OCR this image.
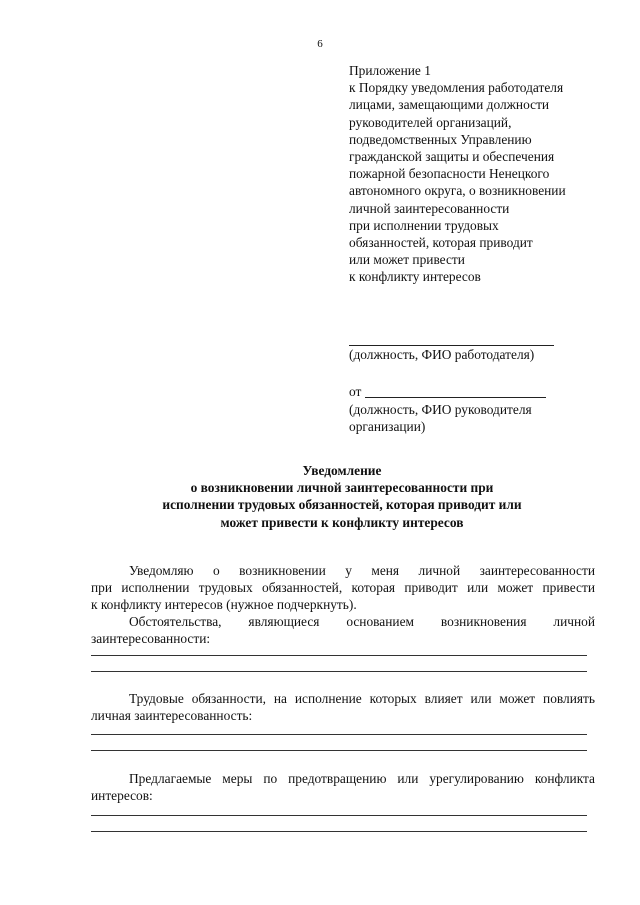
6
Приложение 1
к Порядку уведомления работодателя
лицами, замещающими должности
руководителей организаций,
подведомственных Управлению
гражданской защиты и обеспечения
пожарной безопасности Ненецкого
автономного округа, о возникновении
личной заинтересованности
при исполнении трудовых
обязанностей, которая приводит
или может привести
к конфликту интересов
(должность, ФИО работодателя)
от
(должность, ФИО руководителя
организации)
Уведомление
о возникновении личной заинтересованности при
исполнении трудовых обязанностей, которая приводит или
может привести к конфликту интересов
Уведомляю о возникновении у меня личной заинтересованности
при исполнении трудовых обязанностей, которая приводит или может привести
к конфликту интересов (нужное подчеркнуть).
Обстоятельства, являющиеся основанием возникновения личной
заинтересованности:
Трудовые обязанности, на исполнение которых влияет или может повлиять
личная заинтересованность:
Предлагаемые меры по предотвращению или урегулированию конфликта
интересов:
